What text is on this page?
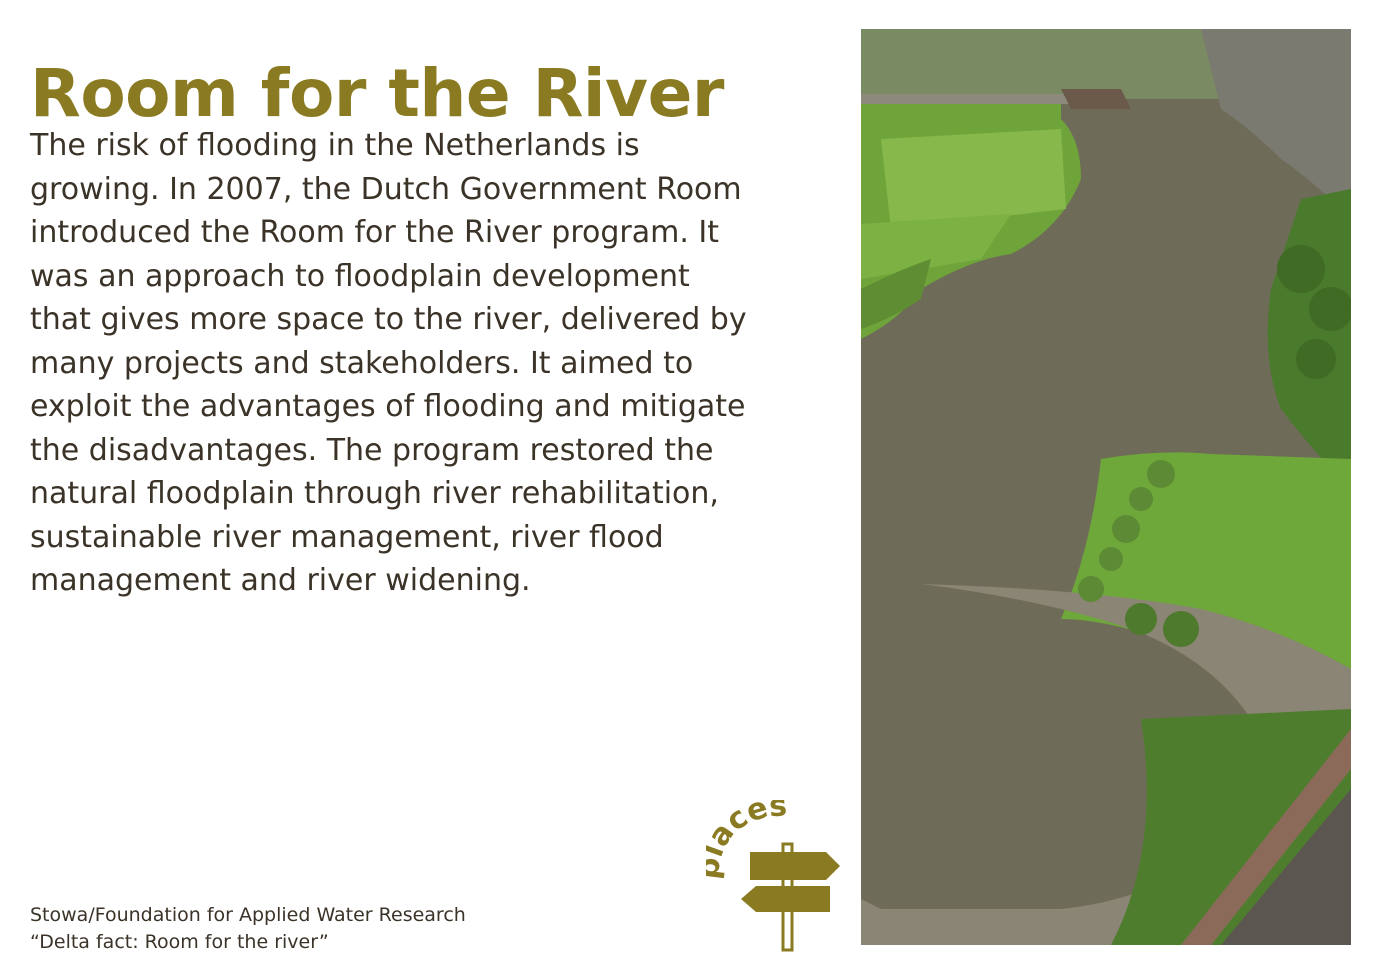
Room for the River
The risk of flooding in the Netherlands is
growing. In 2007, the Dutch Government Room
introduced the Room for the River program. It
was an approach to floodplain development
that gives more space to the river, delivered by
many projects and stakeholders. It aimed to
exploit the advantages of flooding and mitigate
the disadvantages. The program restored the
natural floodplain through river rehabilitation,
sustainable river management, river flood
management and river widening.
Stowa/Foundation for Applied Water Research
“Delta fact: Room for the river”
ces
